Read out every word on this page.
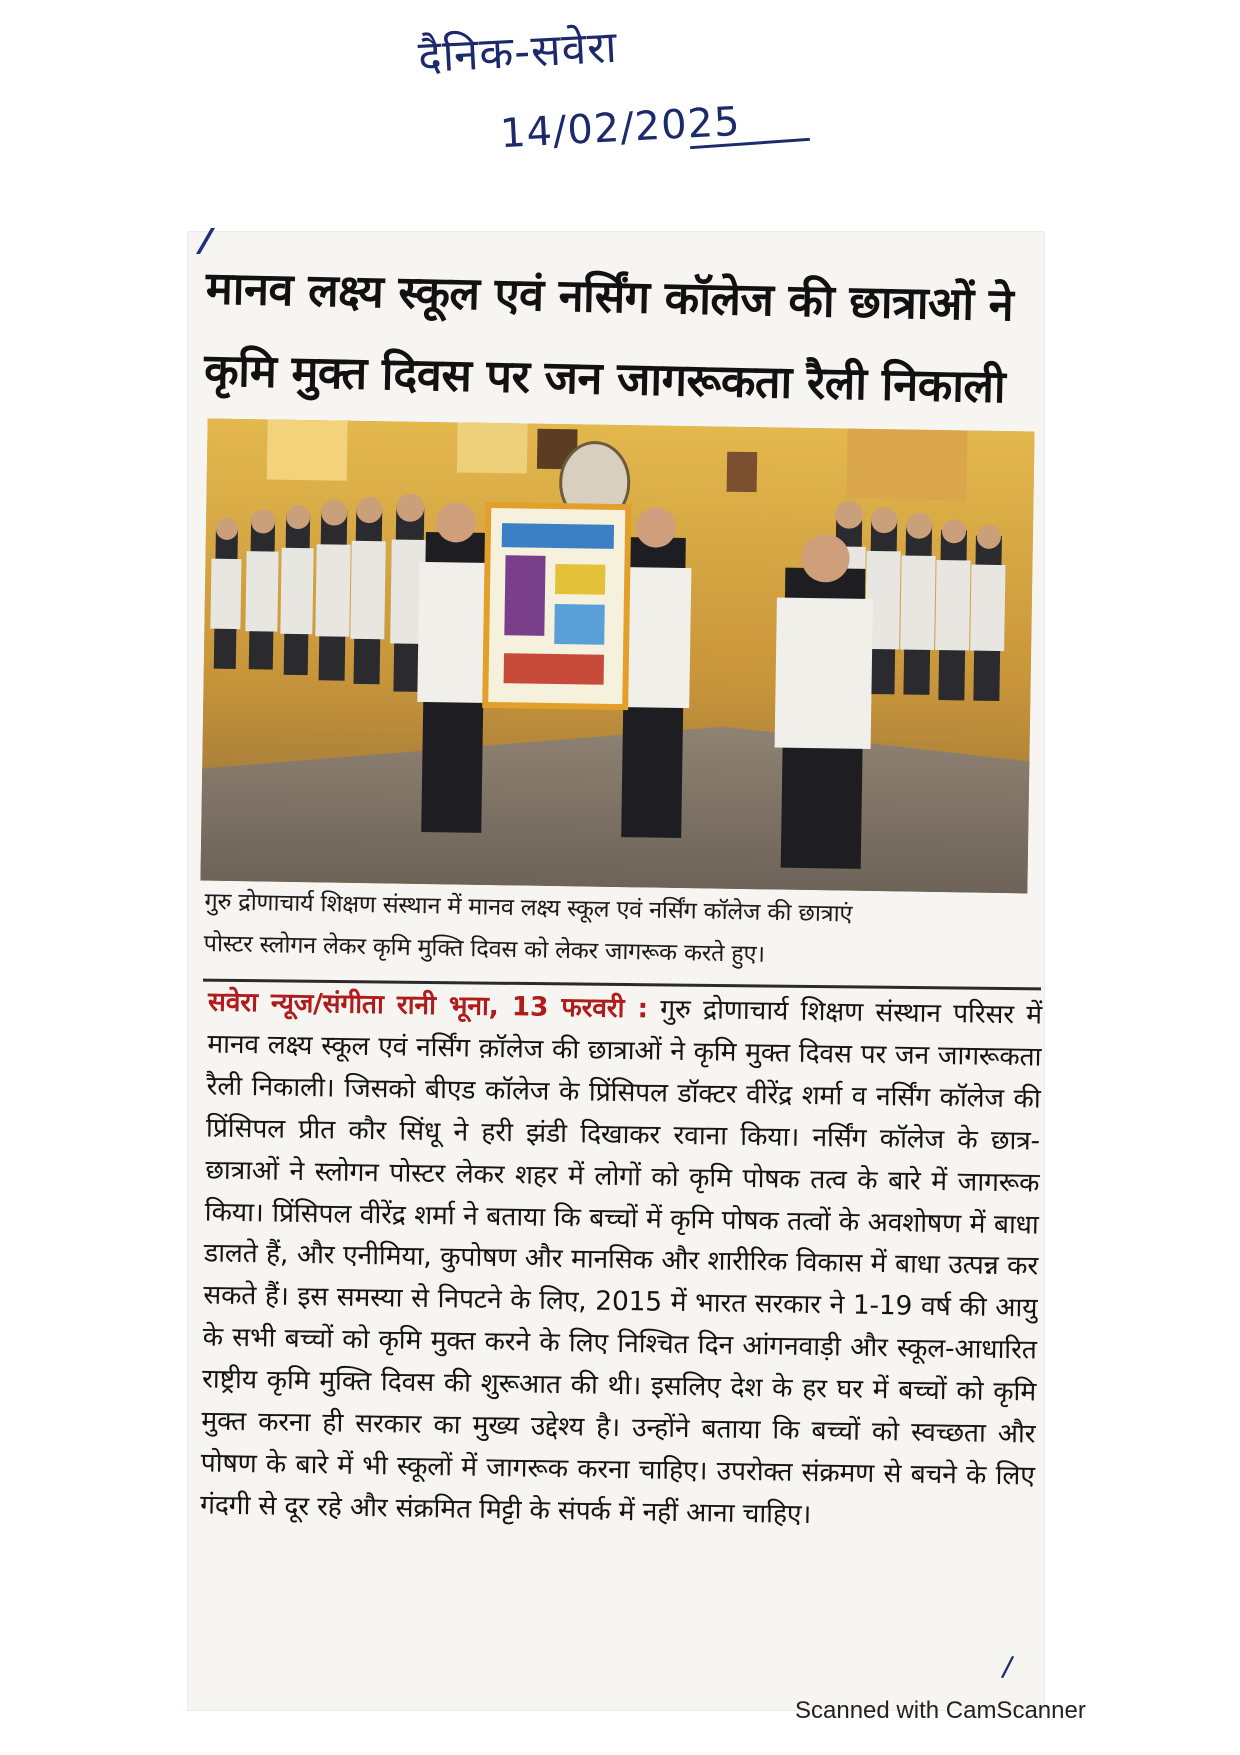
दैनिक-सवेरा
14/02/2025
मानव लक्ष्य स्कूल एवं नर्सिंग कॉलेज की छात्राओं ने
कृमि मुक्त दिवस पर जन जागरूकता रैली निकाली

गुरु द्रोणाचार्य शिक्षण संस्थान में मानव लक्ष्य स्कूल एवं नर्सिंग कॉलेज की छात्राएं
पोस्टर स्लोगन लेकर कृमि मुक्ति दिवस को लेकर जागरूक करते हुए।

सवेरा न्यूज/संगीता रानी भूना, 13 फरवरी : गुरु द्रोणाचार्य शिक्षण संस्थान परिसर में मानव लक्ष्य स्कूल एवं नर्सिंग क़ॉलेज की छात्राओं ने कृमि मुक्त दिवस पर जन जागरूकता रैली निकाली। जिसको बीएड कॉलेज के प्रिंसिपल डॉक्टर वीरेंद्र शर्मा व नर्सिंग कॉलेज की प्रिंसिपल प्रीत कौर सिंधू ने हरी झंडी दिखाकर रवाना किया। नर्सिंग कॉलेज के छात्र-छात्राओं ने स्लोगन पोस्टर लेकर शहर में लोगों को कृमि पोषक तत्व के बारे में जागरूक किया। प्रिंसिपल वीरेंद्र शर्मा ने बताया कि बच्चों में कृमि पोषक तत्वों के अवशोषण में बाधा डालते हैं, और एनीमिया, कुपोषण और मानसिक और शारीरिक विकास में बाधा उत्पन्न कर सकते हैं। इस समस्या से निपटने के लिए, 2015 में भारत सरकार ने 1-19 वर्ष की आयु के सभी बच्चों को कृमि मुक्त करने के लिए निश्चित दिन आंगनवाड़ी और स्कूल-आधारित राष्ट्रीय कृमि मुक्ति दिवस की शुरूआत की थी। इसलिए देश के हर घर में बच्चों को कृमि मुक्त करना ही सरकार का मुख्य उद्देश्य है। उन्होंने बताया कि बच्चों को स्वच्छता और पोषण के बारे में भी स्कूलों में जागरूक करना चाहिए। उपरोक्त संक्रमण से बचने के लिए गंदगी से दूर रहे और संक्रमित मिट्टी के संपर्क में नहीं आना चाहिए।

∕
Scanned with CamScanner
